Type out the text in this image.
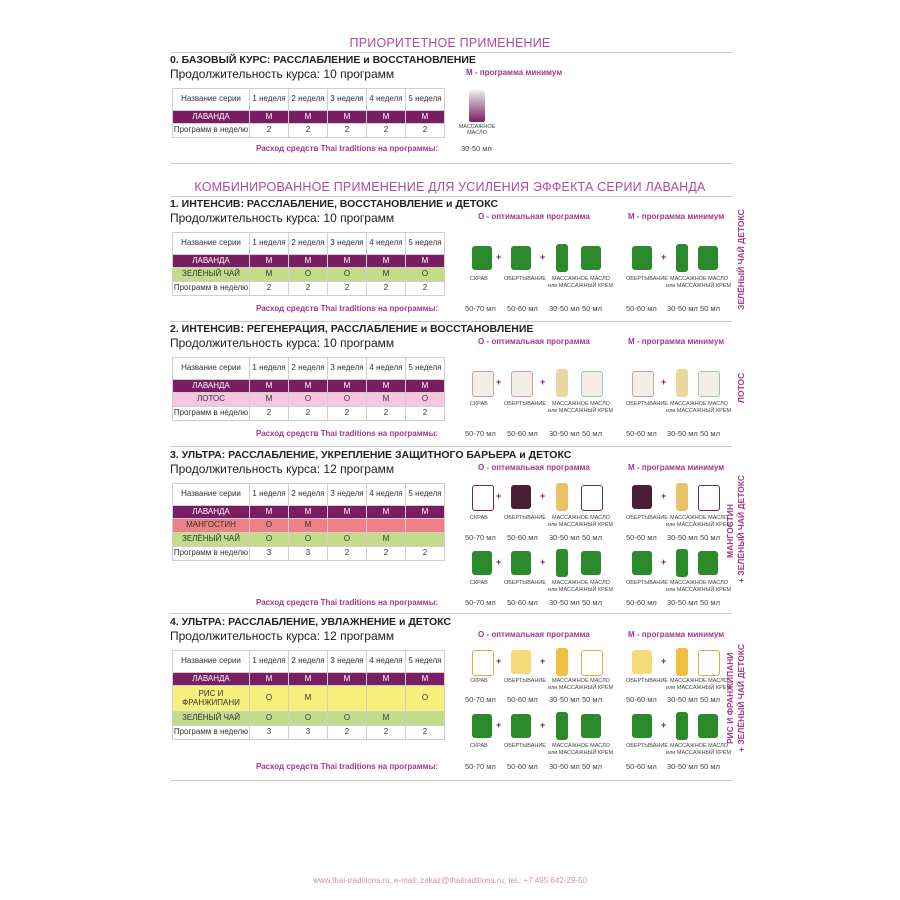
ПРИОРИТЕТНОЕ ПРИМЕНЕНИЕ
КОМБИНИРОВАННОЕ ПРИМЕНЕНИЕ ДЛЯ УСИЛЕНИЯ ЭФФЕКТА СЕРИИ ЛАВАНДА
0. БАЗОВЫЙ КУРС: РАССЛАБЛЕНИЕ и ВОССТАНОВЛЕНИЕ
Продолжительность курса: 10 программ	М - программа минимум
Название серии	1 неделя	2 неделя	3 неделя	4 неделя	5 неделя
ЛАВАНДА	M	M	M	M	M
Программ в неделю	2	2	2	2	2	МАССАЖНОЕ МАСЛО
30-50 мл
Расход средств Thai traditions на программы:
1. ИНТЕНСИВ: РАССЛАБЛЕНИЕ, ВОССТАНОВЛЕНИЕ и ДЕТОКС
Продолжительность курса: 10 программ	О - оптимальная программа	М - программа минимум ЗЕЛЁНЫЙ ЧАЙ ДЕТОКС
Название серии	1 неделя	2 неделя	3 неделя	4 неделя	5 неделя
ЛАВАНДА	M	M	M	M	M
ЗЕЛЁНЫЙ ЧАЙ	M	O	O	M	O
Программ в неделю	2	2	2	2	2
+	+	+
СКРАБ	ОБЕРТЫВАНИЕ МАССАЖНОЕ МАСЛО
или МАССАЖНЫЙ КРЕМ
ОБЕРТЫВАНИЕ МАССАЖНОЕ МАСЛО
или МАССАЖНЫЙ КРЕМ
50-70 мл 50-60 мл 30-50 мл 50 мл	50-60 мл 30-50 мл 50 мл
Расход средств Thai traditions на программы:
2. ИНТЕНСИВ: РЕГЕНЕРАЦИЯ, РАССЛАБЛЕНИЕ и ВОССТАНОВЛЕНИЕ
Продолжительность курса: 10 программ	О - оптимальная программа	М - программа минимум
ЛОТОС
Название серии	1 неделя	2 неделя	3 неделя	4 неделя	5 неделя
ЛАВАНДА	M	M	M	M	M
ЛОТОС	M	O	O	M	O
Программ в неделю	2	2	2	2	2
+	+	+
СКРАБ	ОБЕРТЫВАНИЕ МАССАЖНОЕ МАСЛО
или МАССАЖНЫЙ КРЕМ
ОБЕРТЫВАНИЕ МАССАЖНОЕ МАСЛО
или МАССАЖНЫЙ КРЕМ
50-70 мл 50-60 мл 30-50 мл 50 мл	50-60 мл 30-50 мл 50 мл
Расход средств Thai traditions на программы:
3. УЛЬТРА: РАССЛАБЛЕНИЕ, УКРЕПЛЕНИЕ ЗАЩИТНОГО БАРЬЕРА и ДЕТОКС
Продолжительность курса: 12 программ	О - оптимальная программа	М - программа минимум
МАНГОСТИН + ЗЕЛЁНЫЙ ЧАЙ ДЕТОКС
Название серии	1 неделя	2 неделя	3 неделя	4 неделя	5 неделя
ЛАВАНДА	M	M	M	M	M
МАНГОСТИН	O	M			
ЗЕЛЁНЫЙ ЧАЙ	O	O	O	M	
Программ в неделю	3	3	2	2	2
+	+	+
СКРАБ	ОБЕРТЫВАНИЕ МАССАЖНОЕ МАСЛО
или МАССАЖНЫЙ КРЕМ
ОБЕРТЫВАНИЕ МАССАЖНОЕ МАСЛО
или МАССАЖНЫЙ КРЕМ
50-70 мл 50-60 мл 30-50 мл 50 мл	50-60 мл 30-50 мл 50 мл
+	+	+
СКРАБ	ОБЕРТЫВАНИЕ МАССАЖНОЕ МАСЛО
или МАССАЖНЫЙ КРЕМ
ОБЕРТЫВАНИЕ МАССАЖНОЕ МАСЛО
или МАССАЖНЫЙ КРЕМ
50-70 мл 50-60 мл 30-50 мл 50 мл	50-60 мл 30-50 мл 50 мл
Расход средств Thai traditions на программы:
4. УЛЬТРА: РАССЛАБЛЕНИЕ, УВЛАЖНЕНИЕ и ДЕТОКС
Продолжительность курса: 12 программ	О - оптимальная программа	М - программа минимум
РИС И ФРАНЖИПАНИ + ЗЕЛЁНЫЙ ЧАЙ ДЕТОКС
Название серии	1 неделя	2 неделя	3 неделя	4 неделя	5 неделя
ЛАВАНДА	M	M	M	M	M
РИС И ФРАНЖИПАНИ	O	M			O
ЗЕЛЁНЫЙ ЧАЙ	O	O	O	M	
Программ в неделю	3	3	2	2	2
+	+	+
СКРАБ	ОБЕРТЫВАНИЕ МАССАЖНОЕ МАСЛО
или МАССАЖНЫЙ КРЕМ
ОБЕРТЫВАНИЕ МАССАЖНОЕ МАСЛО
или МАССАЖНЫЙ КРЕМ
50-70 мл 50-60 мл 30-50 мл 50 мл	50-60 мл 30-50 мл 50 мл
+	+	+
СКРАБ	ОБЕРТЫВАНИЕ МАССАЖНОЕ МАСЛО
или МАССАЖНЫЙ КРЕМ
ОБЕРТЫВАНИЕ МАССАЖНОЕ МАСЛО
или МАССАЖНЫЙ КРЕМ
50-70 мл 50-60 мл 30-50 мл 50 мл	50-60 мл 30-50 мл 50 мл
Расход средств Thai traditions на программы:
www.thai-traditions.ru, e-mail: zakaz@thaitraditions.ru, tel.: +7 495 642-29-50
